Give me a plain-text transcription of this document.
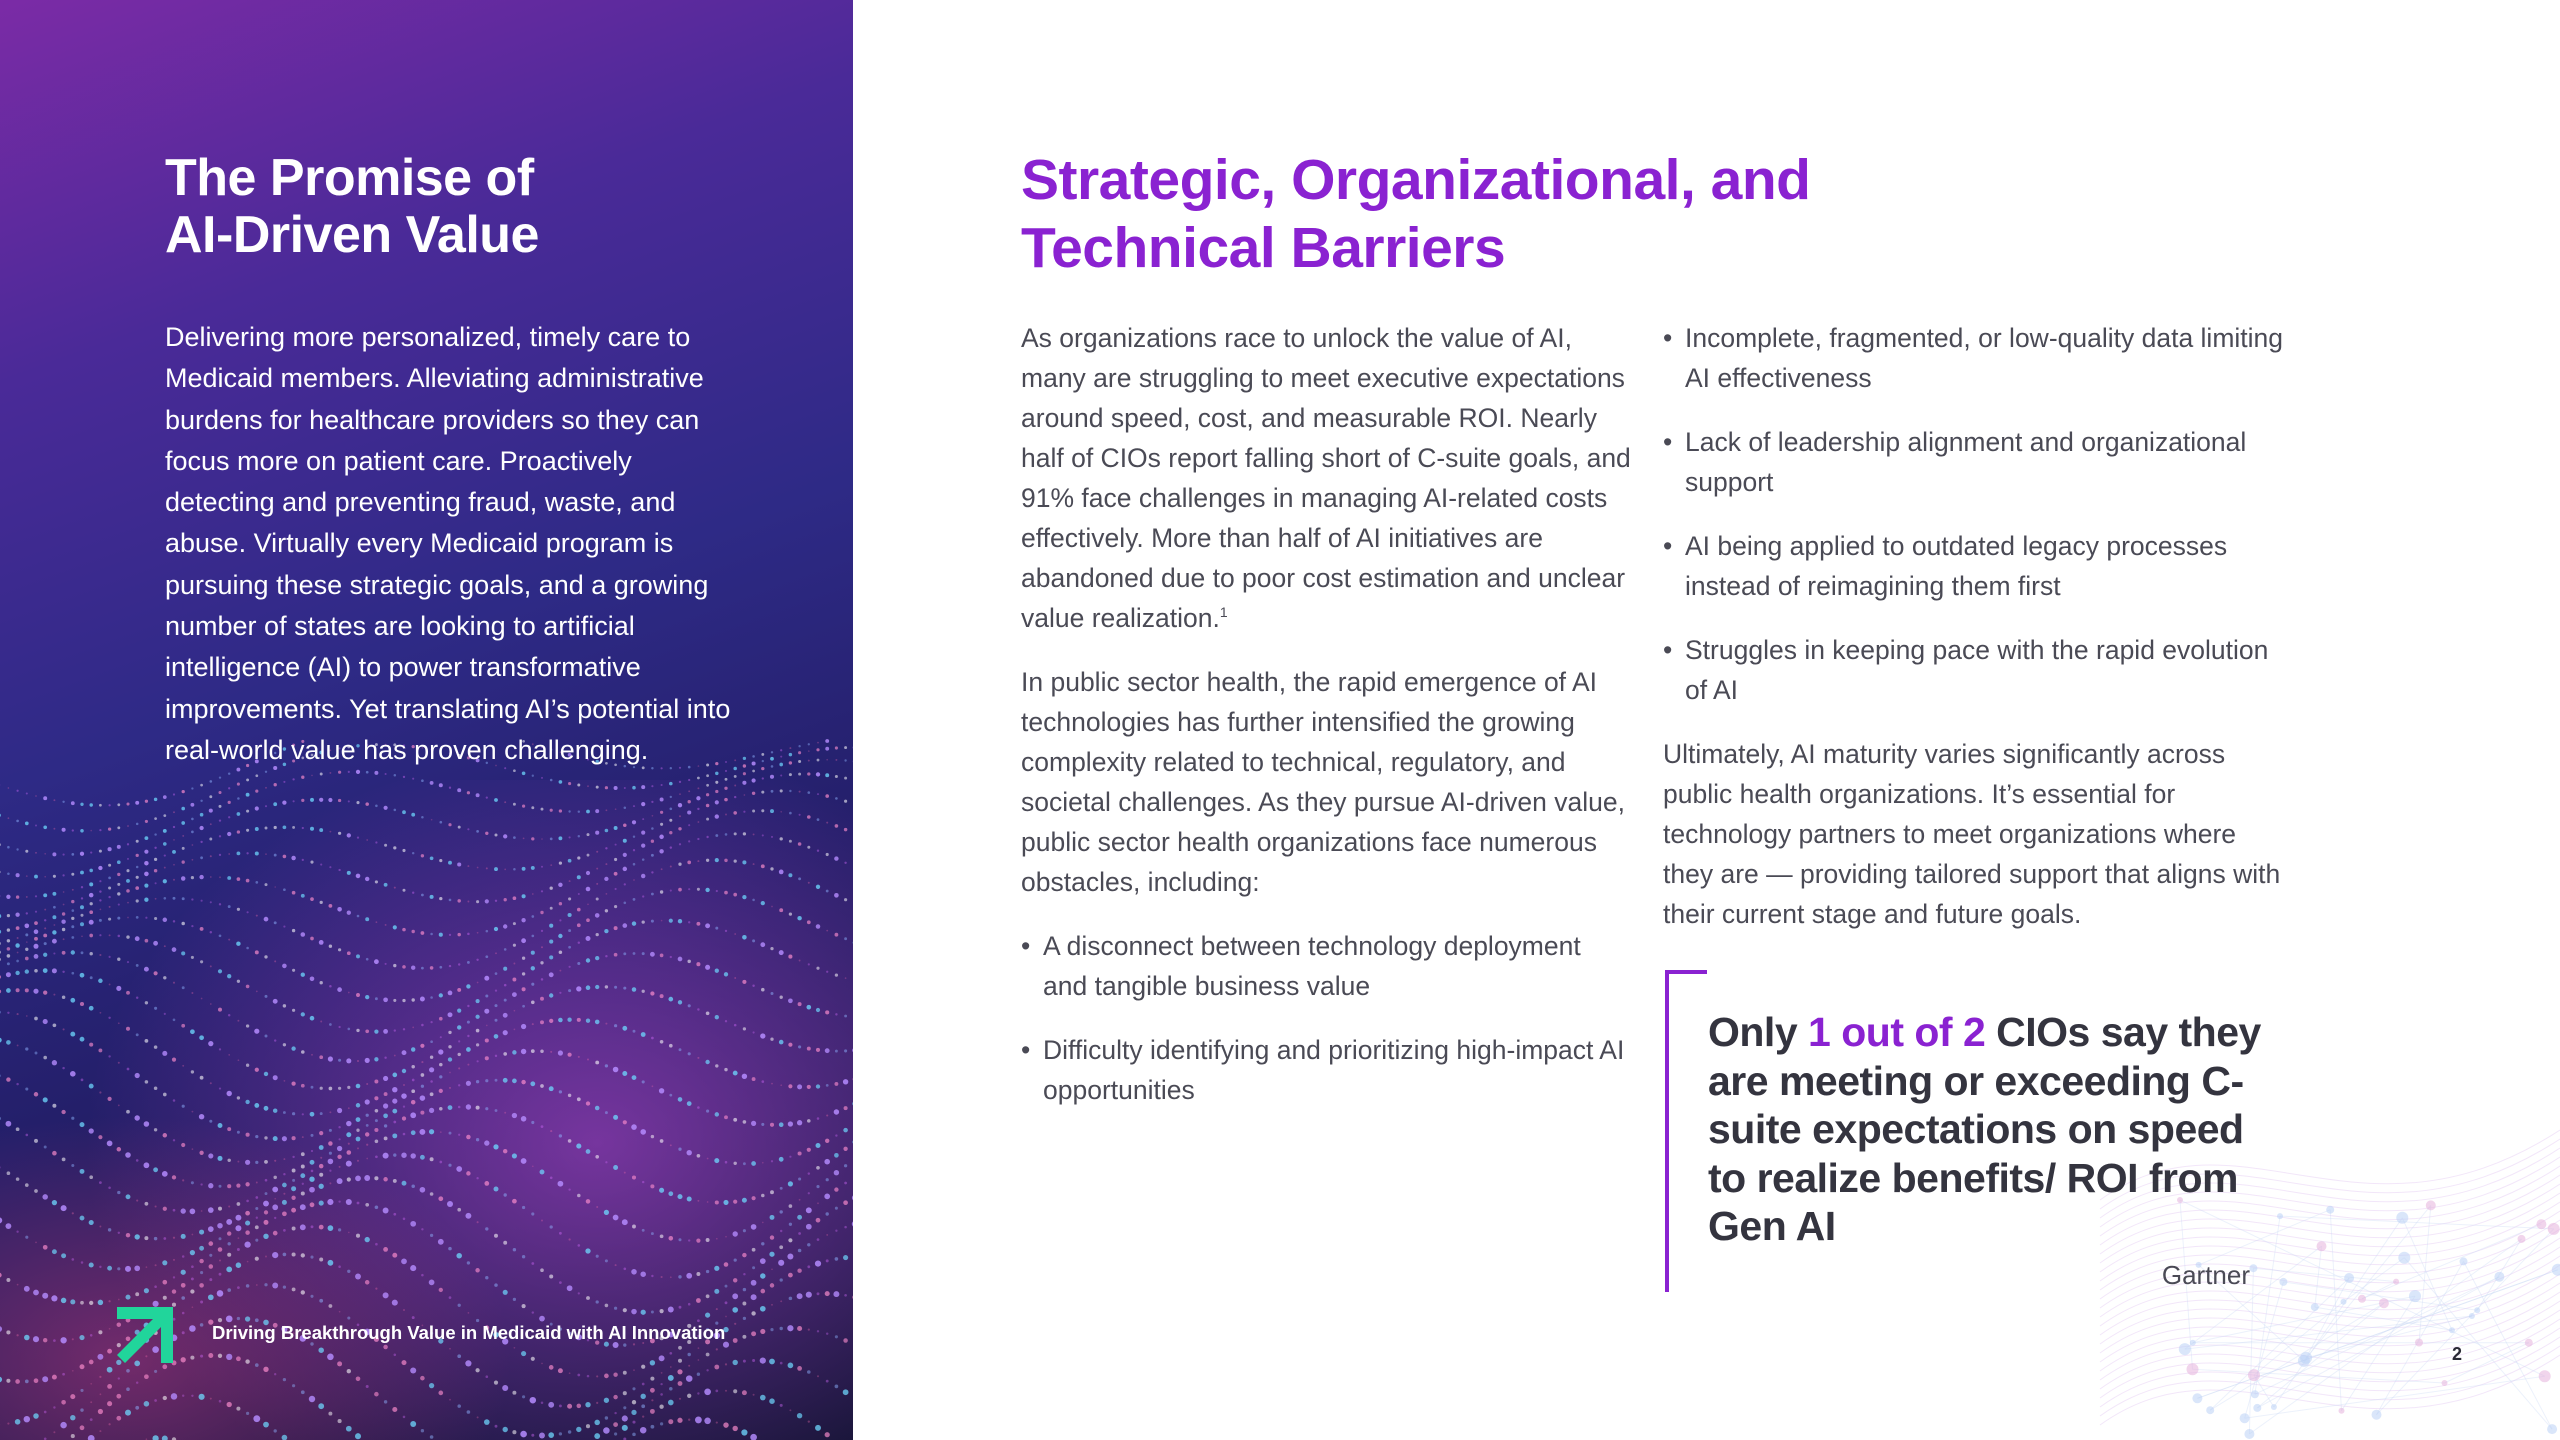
The Promise of
AI-Driven Value
Delivering more personalized, timely care to Medicaid members. Alleviating administrative burdens for healthcare providers so they can focus more on patient care. Proactively detecting and preventing fraud, waste, and abuse. Virtually every Medicaid program is pursuing these strategic goals, and a growing number of states are looking to artificial intelligence (AI) to power transformative improvements. Yet translating AI’s potential into real-world value has proven challenging.
Driving Breakthrough Value in Medicaid with AI Innovation
Strategic, Organizational, and
Technical Barriers

As organizations race to unlock the value of AI, many are struggling to meet executive expectations around speed, cost, and measurable ROI. Nearly half of CIOs report falling short of C-suite goals, and 91% face challenges in managing AI-related costs effectively. More than half of AI initiatives are abandoned due to poor cost estimation and unclear value realization.$^1$

In public sector health, the rapid emergence of AI technologies has further intensified the growing complexity related to technical, regulatory, and societal challenges. As they pursue AI-driven value, public sector health organizations face numerous obstacles, including:

• A disconnect between technology deployment and tangible business value
• Difficulty identifying and prioritizing high-impact AI opportunities
• Incomplete, fragmented, or low-quality data limiting AI effectiveness
• Lack of leadership alignment and organizational support
• AI being applied to outdated legacy processes instead of reimagining them first
• Struggles in keeping pace with the rapid evolution of AI

Ultimately, AI maturity varies significantly across public health organizations. It’s essential for technology partners to meet organizations where they are — providing tailored support that aligns with their current stage and future goals.

Only 1 out of 2 CIOs say they are meeting or exceeding C-suite expectations on speed to realize benefits/ ROI from Gen AI
Gartner
2
